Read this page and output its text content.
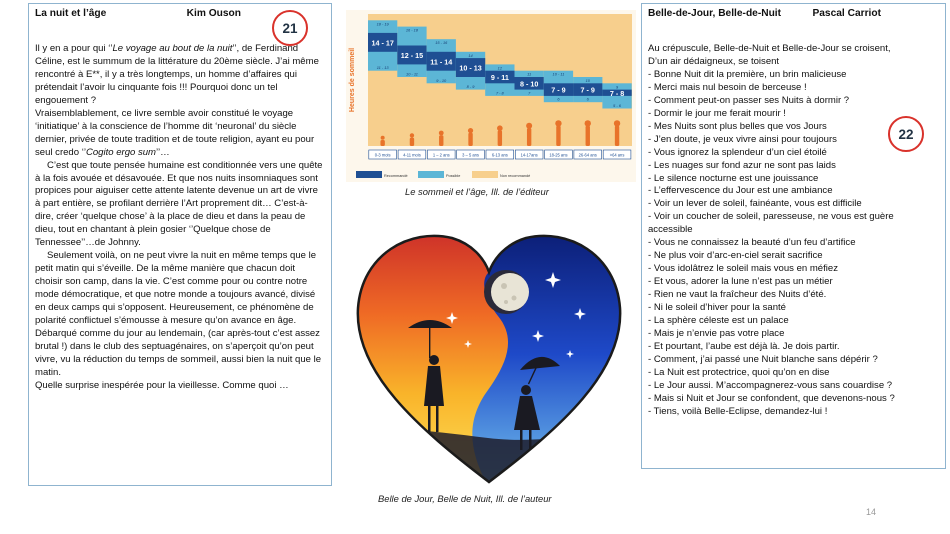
La nuit et l’âge	Kim Ouson

Il y en a pour qui ‘’Le voyage au bout de la nuit’’, de Ferdinand Céline, est le summum de la littérature du 20ème siècle. J’ai même rencontré à E**, il y a très longtemps, un homme d’affaires qui prétendait l’avoir lu cinquante fois !!! Pourquoi donc un tel engouement ?

Vraisemblablement, ce livre semble avoir constitué le voyage ‘initiatique’ à la conscience de l’homme dit ‘neuronal’ du siècle dernier, privée de toute tradition et de toute religion, ayant eu pour seul credo ‘’Cogito ergo sum’’…

C’est que toute pensée humaine est conditionnée vers une quête à la fois avouée et désavouée. Et que nos nuits insomniaques sont propices pour aiguiser cette attente latente devenue un art de vivre à part entière, se profilant derrière l’Art proprement dit… C’est-à-dire, créer ‘quelque chose’ à la place de dieu et dans la peau de dieu, tout en chantant à plein gosier ‘’Quelque chose de Tennessee’’…de Johnny.

Seulement voilà, on ne peut vivre la nuit en même temps que le petit matin qui s’éveille. De la même manière que chacun doit choisir son camp, dans la vie. C’est comme pour ou contre notre mode démocratique, et que notre monde a toujours avancé, divisé en deux camps qui s’opposent. Heureusement, ce phénomène de polarité conflictuel s’émousse à mesure qu’on avance en âge. Débarqué comme du jour au lendemain, (car après-tout c’est assez brutal !) dans le club des septuagénaires, on s’aperçoit qu’on peut vivre, vu la réduction du temps de sommeil, aussi bien la nuit que le matin.

Quelle surprise inespérée pour la vieillesse. Comme quoi …

21
Belle-de-Jour, Belle-de-Nuit	Pascal Carriot

Au crépuscule, Belle-de-Nuit et Belle-de-Jour se croisent,

D’un air dédaigneux, se toisent

- Bonne Nuit dit la première, un brin malicieuse

- Merci mais nul besoin de berceuse !

- Comment peut-on passer ses Nuits à dormir ?

- Dormir le jour me ferait mourir !

- Mes Nuits sont plus belles que vos Jours

- J’en doute, je veux vivre ainsi pour toujours

- Vous ignorez la splendeur d’un ciel étoilé

- Les nuages sur fond azur ne sont pas laids

- Le silence nocturne est une jouissance

- L’effervescence du Jour est une ambiance

- Voir un lever de soleil, fainéante, vous est difficile

- Voir un coucher de soleil, paresseuse, ne vous est guère

accessible

- Vous ne connaissez la beauté d’un feu d’artifice

- Ne plus voir d’arc-en-ciel serait sacrifice

- Vous idolâtrez le soleil mais vous en méfiez

- Et vous, adorer la lune n’est pas un métier

- Rien ne vaut la fraîcheur des Nuits d’été.

- Ni le soleil d’hiver pour la santé

- La sphère céleste est un palace

- Mais je n’envie pas votre place

- Et pourtant, l’aube est déjà là. Je dois partir.

- Comment, j’ai passé une Nuit blanche sans dépérir ?

- La Nuit est protectrice, quoi qu’on en dise

- Le Jour aussi. M’accompagnerez-vous sans couardise ?

- Mais si Nuit et Jour se confondent, que devenons-nous ?

- Tiens, voilà Belle-Eclipse, demandez-lui !

22
Heures de sommeil
14 - 17
18 - 19
11 - 13
12 - 15
16 - 18
10 - 11
11 - 14
15 - 16
9 - 10
10 - 13
14
8 - 9
9 - 11
12
7 - 8
8 - 10
11
7	7 - 9
10 - 11
6
7 - 9
10
6
7 - 8
9
5 - 6
0-3 mois	4-11 mois	1 – 2 ans	3 – 5 ans	6-13 ans	14-17ans	18-25 ans	26-64 ans	>64 ans
Recommandé	Possible	Non recommandé
Le sommeil et l’âge, Ill. de l’éditeur
Belle de Jour, Belle de Nuit, Ill. de l’auteur
14
